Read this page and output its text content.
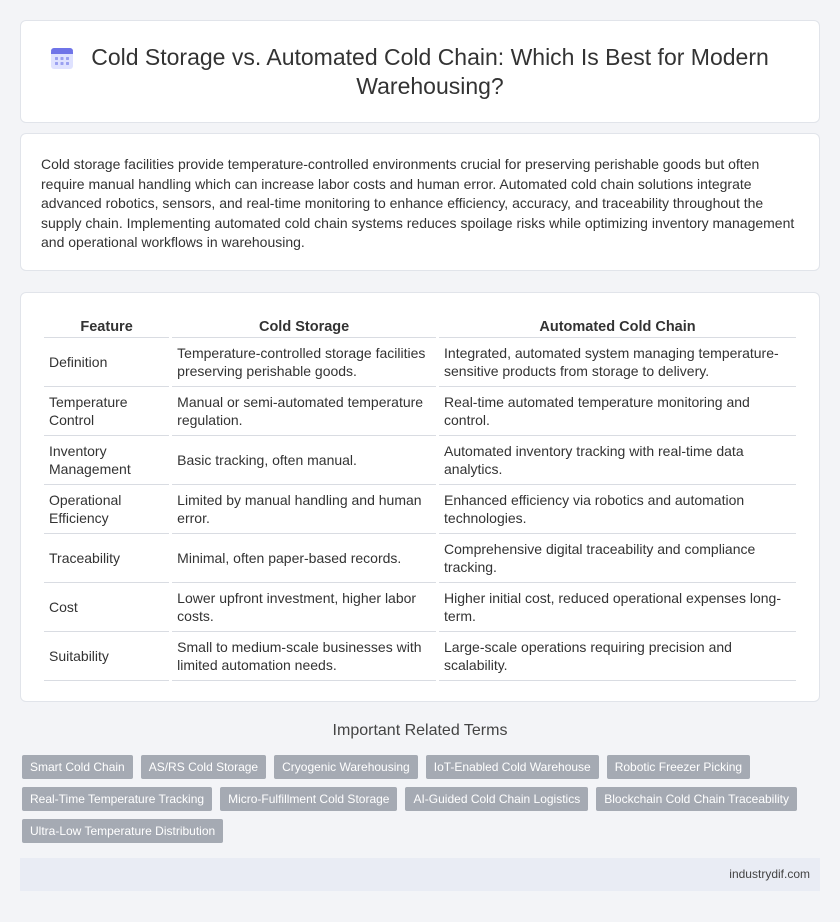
Cold Storage vs. Automated Cold Chain: Which Is Best for Modern Warehousing?

Cold storage facilities provide temperature-controlled environments crucial for preserving perishable goods but often require manual handling which can increase labor costs and human error. Automated cold chain solutions integrate advanced robotics, sensors, and real-time monitoring to enhance efficiency, accuracy, and traceability throughout the supply chain. Implementing automated cold chain systems reduces spoilage risks while optimizing inventory management and operational workflows in warehousing.

Feature	Cold Storage	Automated Cold Chain
Definition	Temperature-controlled storage facilities preserving perishable goods.	Integrated, automated system managing temperature-sensitive products from storage to delivery.
Temperature Control	Manual or semi-automated temperature regulation.	Real-time automated temperature monitoring and control.
Inventory Management	Basic tracking, often manual.	Automated inventory tracking with real-time data analytics.
Operational Efficiency	Limited by manual handling and human error.	Enhanced efficiency via robotics and automation technologies.
Traceability	Minimal, often paper-based records.	Comprehensive digital traceability and compliance tracking.
Cost	Lower upfront investment, higher labor costs.	Higher initial cost, reduced operational expenses long-term.
Suitability	Small to medium-scale businesses with limited automation needs.	Large-scale operations requiring precision and scalability.
Important Related Terms
Smart Cold Chain	AS/RS Cold Storage	Cryogenic Warehousing	IoT-Enabled Cold Warehouse	Robotic Freezer Picking
Real-Time Temperature Tracking	Micro-Fulfillment Cold Storage	AI-Guided Cold Chain Logistics	Blockchain Cold Chain Traceability
Ultra-Low Temperature Distribution
industrydif.com
